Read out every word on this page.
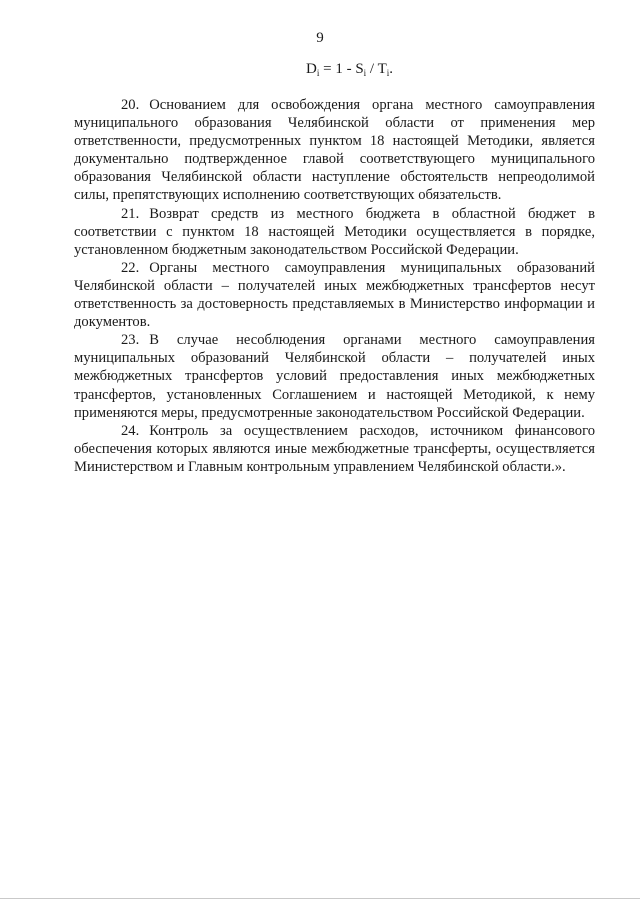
9
$D_i = 1 - S_i / T_i$.

20. Основанием для освобождения органа местного самоуправления муниципального образования Челябинской области от применения мер ответственности, предусмотренных пунктом 18 настоящей Методики, является документально подтвержденное главой соответствующего муниципального образования Челябинской области наступление обстоятельств непреодолимой силы, препятствующих исполнению соответствующих обязательств.

21. Возврат средств из местного бюджета в областной бюджет в соответствии с пунктом 18 настоящей Методики осуществляется в порядке, установленном бюджетным законодательством Российской Федерации.

22. Органы местного самоуправления муниципальных образований Челябинской области – получателей иных межбюджетных трансфертов несут ответственность за достоверность представляемых в Министерство информации и документов.

23. В случае несоблюдения органами местного самоуправления муниципальных образований Челябинской области – получателей иных межбюджетных трансфертов условий предоставления иных межбюджетных трансфертов, установленных Соглашением и настоящей Методикой, к нему применяются меры, предусмотренные законодательством Российской Федерации.

24. Контроль за осуществлением расходов, источником финансового обеспечения которых являются иные межбюджетные трансферты, осуществляется Министерством и Главным контрольным управлением Челябинской области.».
